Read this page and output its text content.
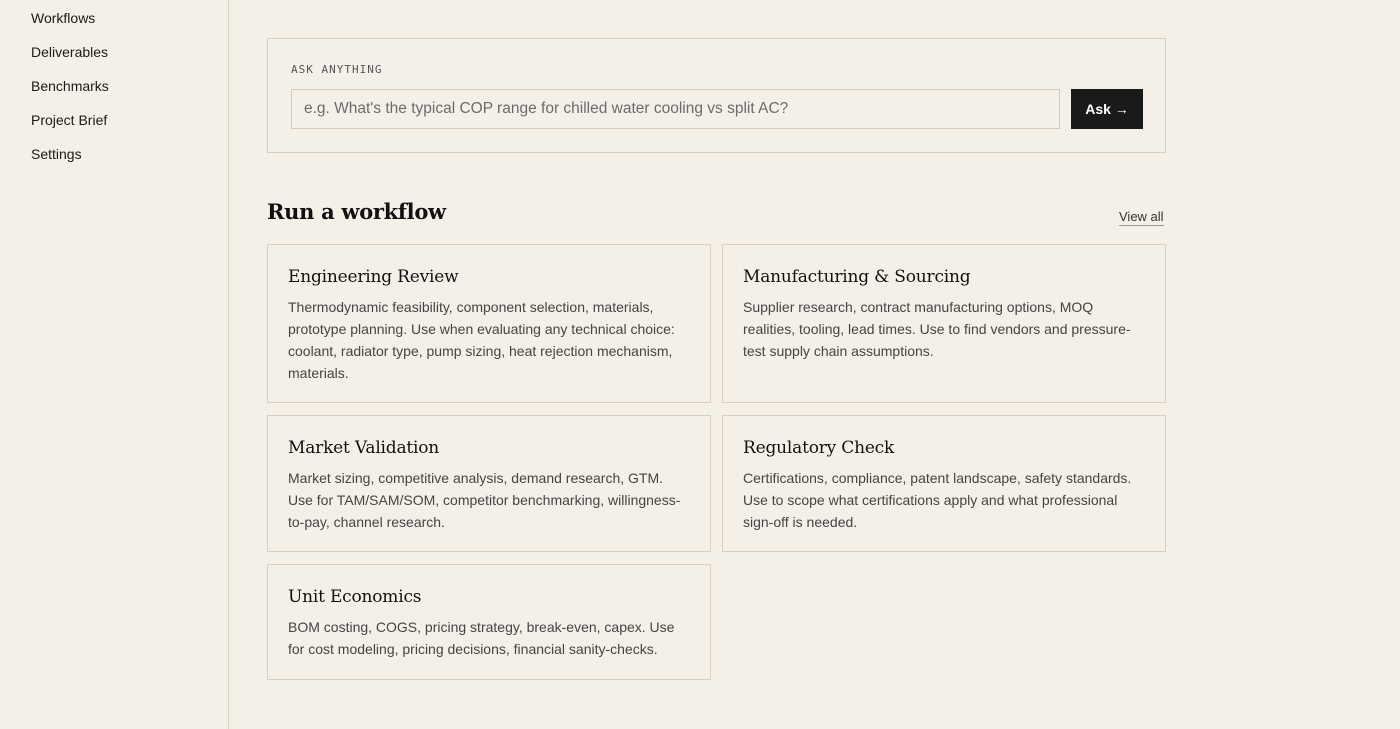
Workflows
Deliverables
Benchmarks
Project Brief
Settings
ASK ANYTHING
e.g. What's the typical COP range for chilled water cooling vs split AC?
Ask →
Run a workflow	View all
Engineering Review
Thermodynamic feasibility, component selection, materials, prototype planning. Use when evaluating any technical choice: coolant, radiator type, pump sizing, heat rejection mechanism, materials.
Manufacturing & Sourcing
Supplier research, contract manufacturing options, MOQ realities, tooling, lead times. Use to find vendors and pressure-test supply chain assumptions.
Market Validation
Market sizing, competitive analysis, demand research, GTM. Use for TAM/SAM/SOM, competitor benchmarking, willingness-to-pay, channel research.
Regulatory Check
Certifications, compliance, patent landscape, safety standards. Use to scope what certifications apply and what professional sign-off is needed.
Unit Economics
BOM costing, COGS, pricing strategy, break-even, capex. Use for cost modeling, pricing decisions, financial sanity-checks.
